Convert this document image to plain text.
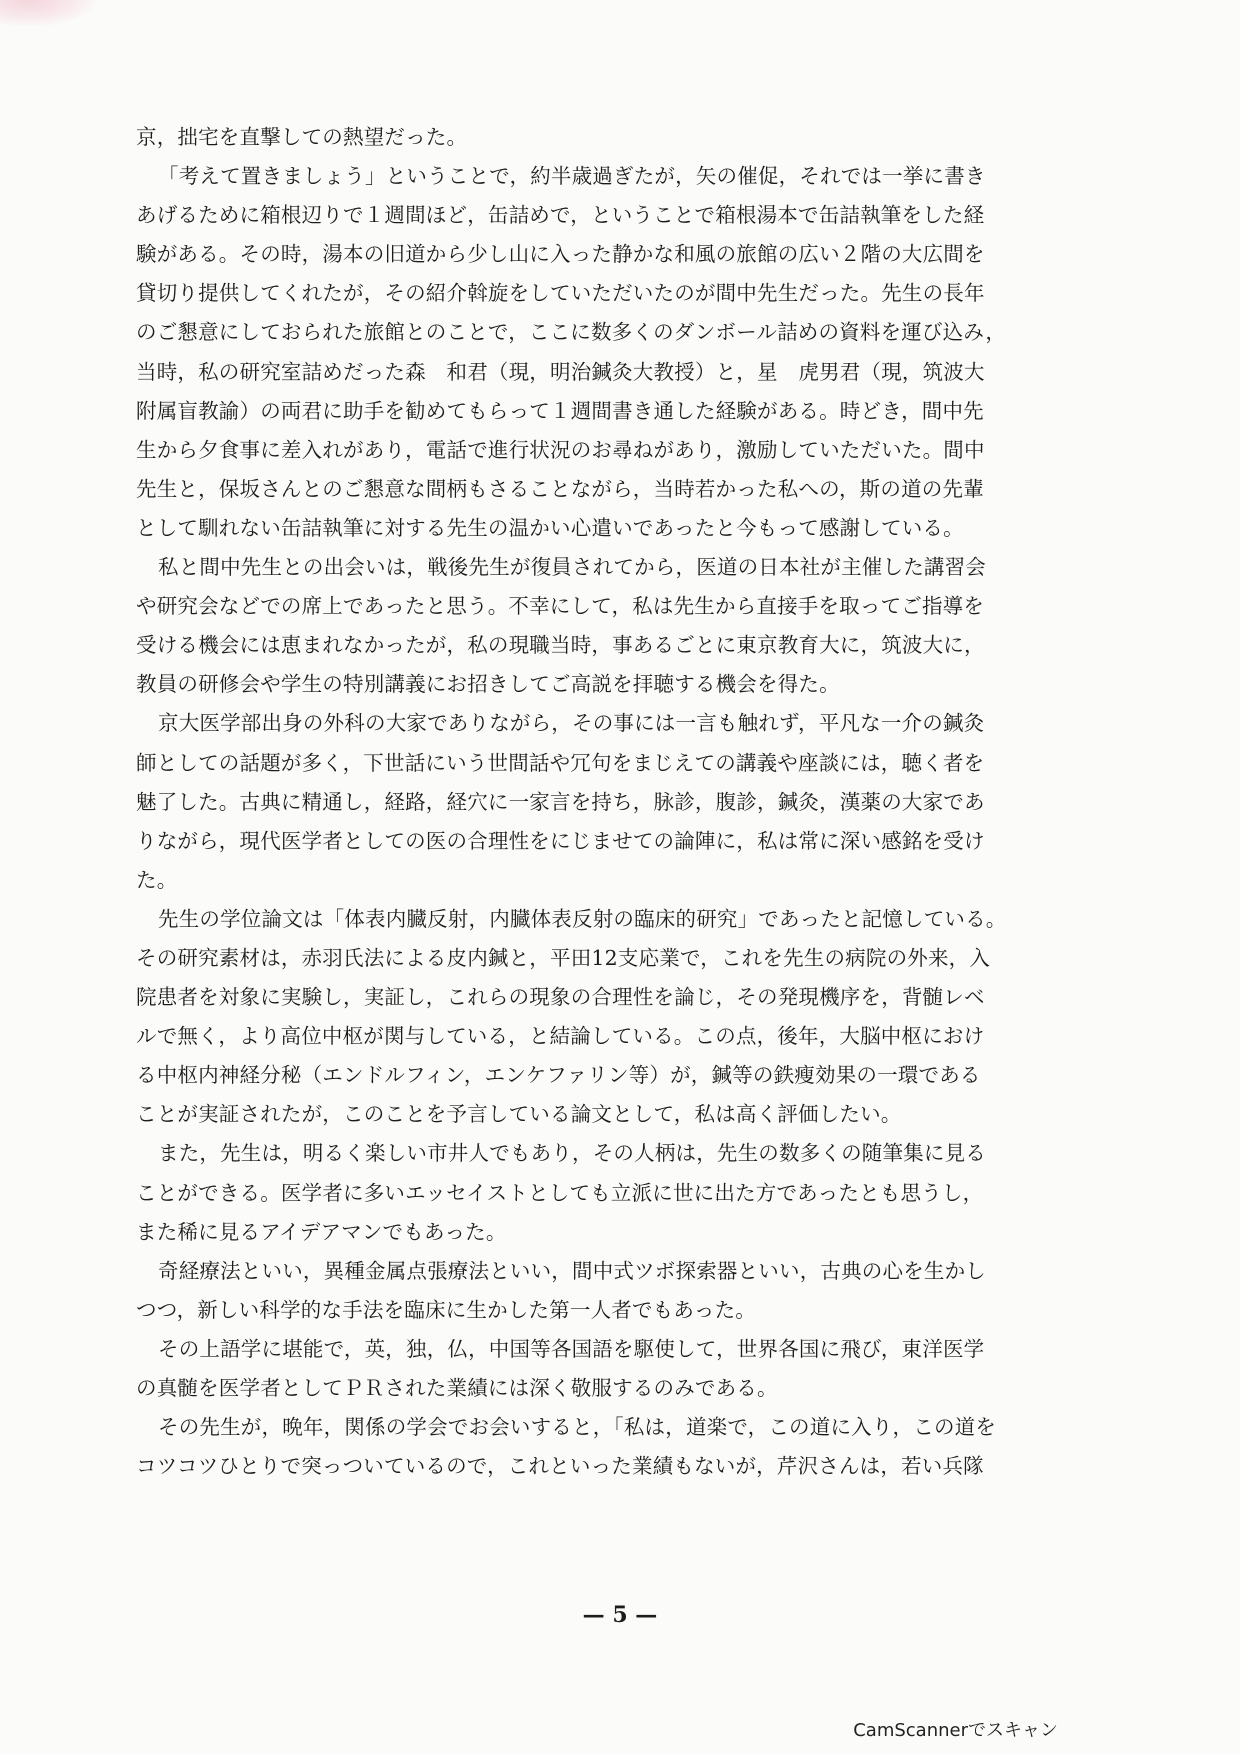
京，拙宅を直撃しての熱望だった。
「考えて置きましょう」ということで，約半歳過ぎたが，矢の催促，それでは一挙に書き
あげるために箱根辺りで１週間ほど，缶詰めで，ということで箱根湯本で缶詰執筆をした経
験がある。その時，湯本の旧道から少し山に入った静かな和風の旅館の広い２階の大広間を
貸切り提供してくれたが，その紹介斡旋をしていただいたのが間中先生だった。先生の長年
のご懇意にしておられた旅館とのことで，ここに数多くのダンボール詰めの資料を運び込み，
当時，私の研究室詰めだった森　和君（現，明治鍼灸大教授）と，星　虎男君（現，筑波大
附属盲教諭）の両君に助手を勧めてもらって１週間書き通した経験がある。時どき，間中先
生から夕食事に差入れがあり，電話で進行状況のお尋ねがあり，激励していただいた。間中
先生と，保坂さんとのご懇意な間柄もさることながら，当時若かった私への，斯の道の先輩
として馴れない缶詰執筆に対する先生の温かい心遣いであったと今もって感謝している。
私と間中先生との出会いは，戦後先生が復員されてから，医道の日本社が主催した講習会
や研究会などでの席上であったと思う。不幸にして，私は先生から直接手を取ってご指導を
受ける機会には恵まれなかったが，私の現職当時，事あるごとに東京教育大に，筑波大に，
教員の研修会や学生の特別講義にお招きしてご高説を拝聴する機会を得た。
京大医学部出身の外科の大家でありながら，その事には一言も触れず，平凡な一介の鍼灸
師としての話題が多く，下世話にいう世間話や冗句をまじえての講義や座談には，聴く者を
魅了した。古典に精通し，経路，経穴に一家言を持ち，脉診，腹診，鍼灸，漢薬の大家であ
りながら，現代医学者としての医の合理性をにじませての論陣に，私は常に深い感銘を受け
た。
先生の学位論文は「体表内臓反射，内臓体表反射の臨床的研究」であったと記憶している。
その研究素材は，赤羽氏法による皮内鍼と，平田12支応業で，これを先生の病院の外来，入
院患者を対象に実験し，実証し，これらの現象の合理性を論じ，その発現機序を，背髄レベ
ルで無く，より高位中枢が関与している，と結論している。この点，後年，大脳中枢におけ
る中枢内神経分秘（エンドルフィン，エンケファリン等）が，鍼等の鉄瘦効果の一環である
ことが実証されたが，このことを予言している論文として，私は高く評価したい。
また，先生は，明るく楽しい市井人でもあり，その人柄は，先生の数多くの随筆集に見る
ことができる。医学者に多いエッセイストとしても立派に世に出た方であったとも思うし，
また稀に見るアイデアマンでもあった。
奇経療法といい，異種金属点張療法といい，間中式ツボ探索器といい，古典の心を生かし
つつ，新しい科学的な手法を臨床に生かした第一人者でもあった。
その上語学に堪能で，英，独，仏，中国等各国語を駆使して，世界各国に飛び，東洋医学
の真髄を医学者としてＰＲされた業績には深く敬服するのみである。
その先生が，晩年，関係の学会でお会いすると，「私は，道楽で，この道に入り，この道を
コツコツひとりで突っついているので，これといった業績もないが，芹沢さんは，若い兵隊
— 5 —
CamScannerでスキャン
